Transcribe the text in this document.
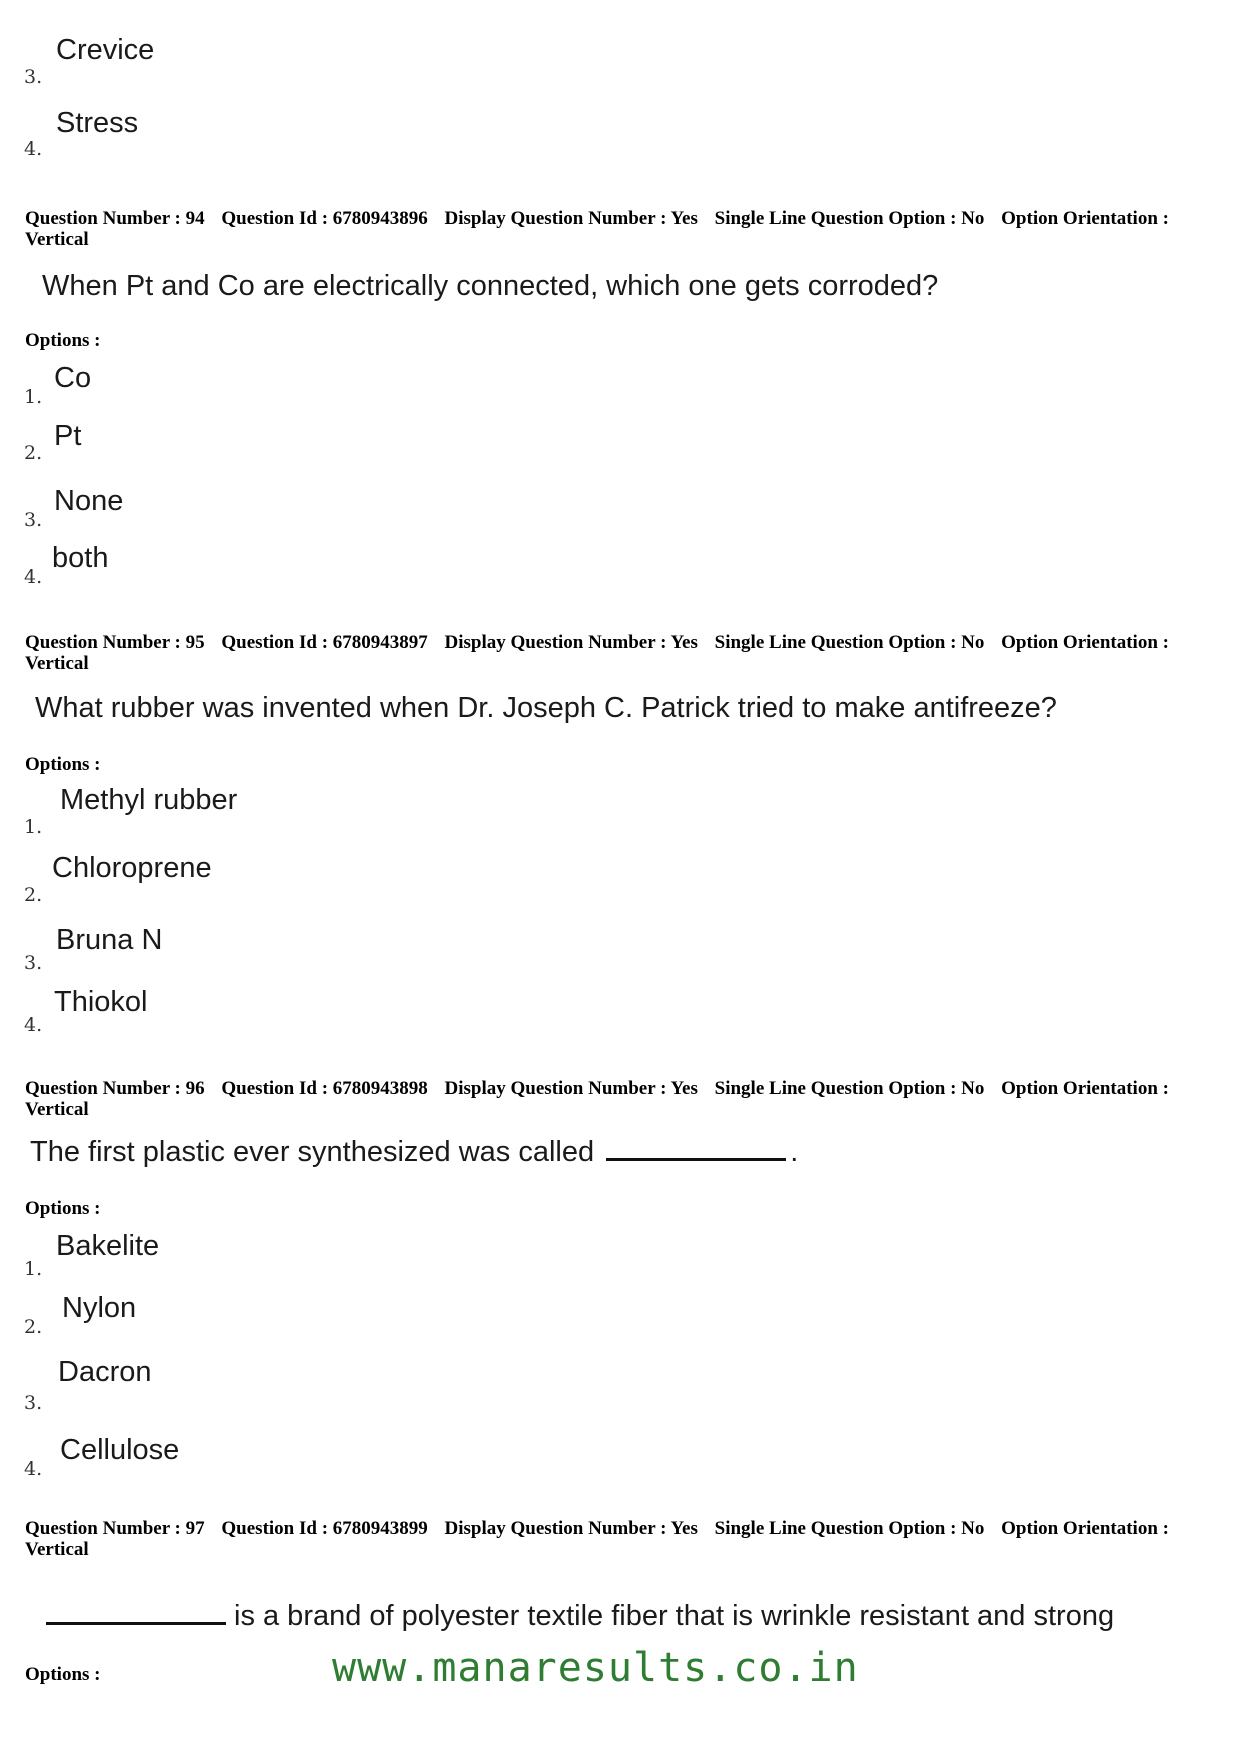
3.
Crevice
4.
Stress
Question Number : 94 Question Id : 6780943896 Display Question Number : Yes Single Line Question Option : No Option Orientation : Vertical
When Pt and Co are electrically connected, which one gets corroded?
Options :
1.
Co
2.
Pt
3.
None
4.
both
Question Number : 95 Question Id : 6780943897 Display Question Number : Yes Single Line Question Option : No Option Orientation : Vertical
What rubber was invented when Dr. Joseph C. Patrick tried to make antifreeze?
Options :
1.
Methyl rubber
2.
Chloroprene
3.
Bruna N
4.
Thiokol
Question Number : 96 Question Id : 6780943898 Display Question Number : Yes Single Line Question Option : No Option Orientation : Vertical
The first plastic ever synthesized was called	.
Options :
1.
Bakelite
2.
Nylon
3.
Dacron
4.
Cellulose
Question Number : 97 Question Id : 6780943899 Display Question Number : Yes Single Line Question Option : No Option Orientation : Vertical
is a brand of polyester textile fiber that is wrinkle resistant and strong
Options :	www.manaresults.co.in
